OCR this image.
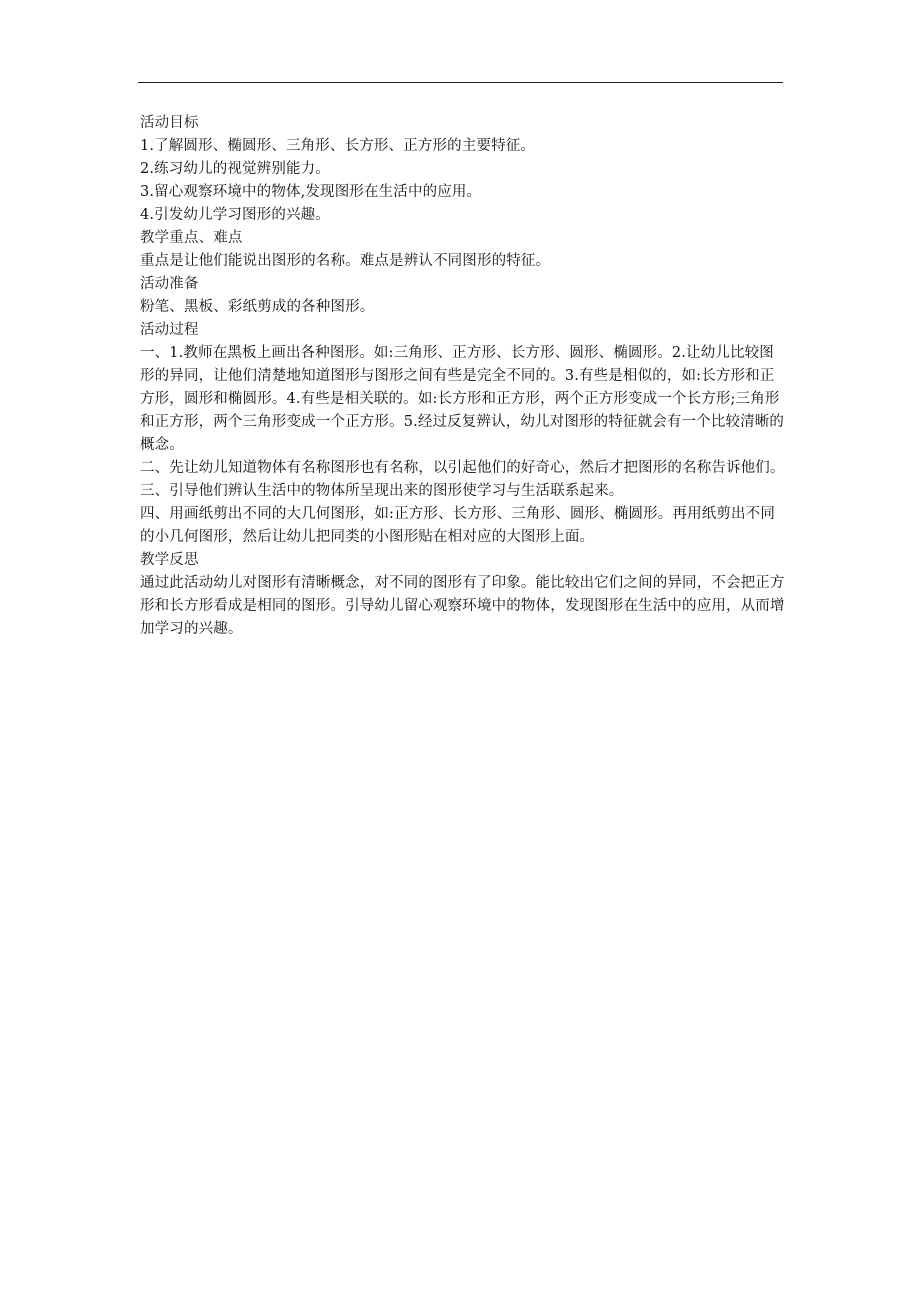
活动目标

1.了解圆形、椭圆形、三角形、长方形、正方形的主要特征。

2.练习幼儿的视觉辨别能力。

3.留心观察环境中的物体,发现图形在生活中的应用。

4.引发幼儿学习图形的兴趣。

教学重点、难点

重点是让他们能说出图形的名称。难点是辨认不同图形的特征。

活动准备

粉笔、黑板、彩纸剪成的各种图形。

活动过程

一、1.教师在黑板上画出各种图形。如:三角形、正方形、长方形、圆形、椭圆形。2.让幼儿比较图形的异同，让他们清楚地知道图形与图形之间有些是完全不同的。3.有些是相似的，如:长方形和正方形，圆形和椭圆形。4.有些是相关联的。如:长方形和正方形，两个正方形变成一个长方形;三角形和正方形，两个三角形变成一个正方形。5.经过反复辨认，幼儿对图形的特征就会有一个比较清晰的概念。

二、先让幼儿知道物体有名称图形也有名称，以引起他们的好奇心，然后才把图形的名称告诉他们。

三、引导他们辨认生活中的物体所呈现出来的图形使学习与生活联系起来。

四、用画纸剪出不同的大几何图形，如:正方形、长方形、三角形、圆形、椭圆形。再用纸剪出不同的小几何图形，然后让幼儿把同类的小图形贴在相对应的大图形上面。

教学反思

通过此活动幼儿对图形有清晰概念，对不同的图形有了印象。能比较出它们之间的异同，不会把正方形和长方形看成是相同的图形。引导幼儿留心观察环境中的物体，发现图形在生活中的应用，从而增加学习的兴趣。
